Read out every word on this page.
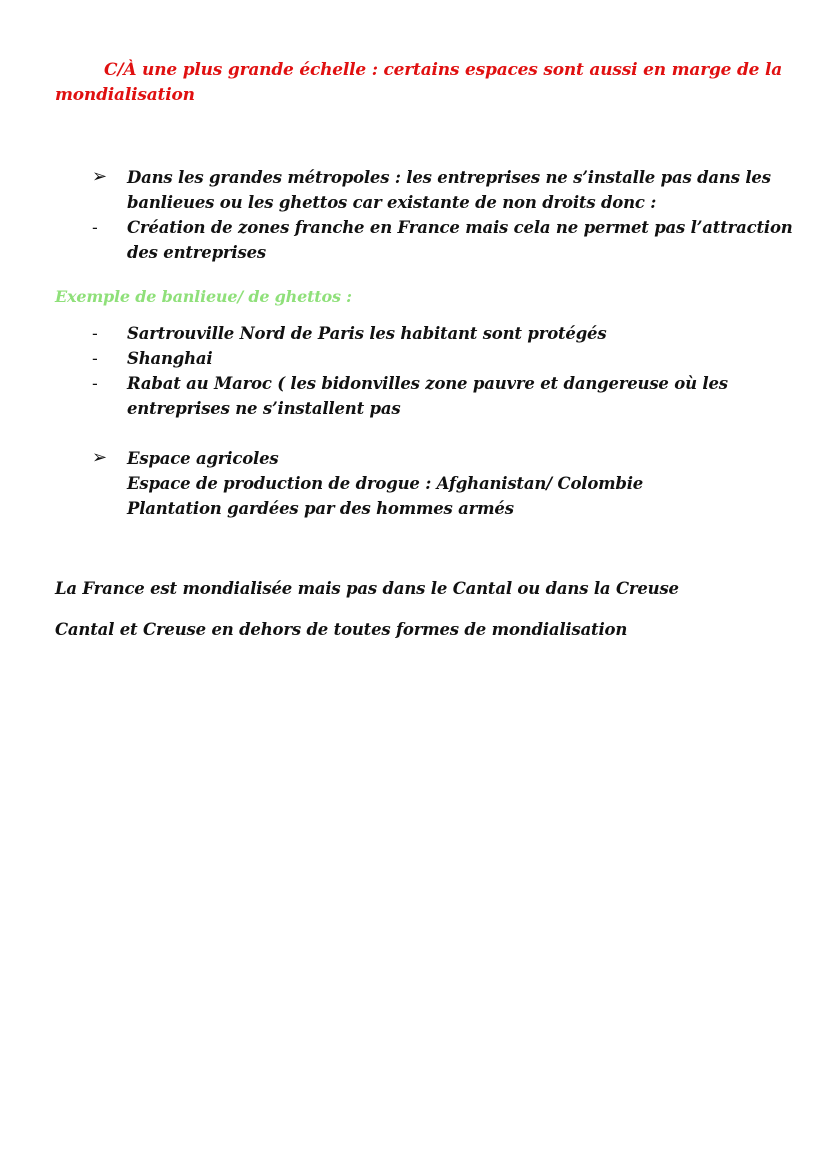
C/À une plus grande échelle : certains espaces sont aussi en marge de la
mondialisation
➢ Dans les grandes métropoles : les entreprises ne s’installe pas dans les
banlieues ou les ghettos car existante de non droits donc :
- Création de zones franche en France mais cela ne permet pas l’attraction
des entreprises
Exemple de banlieue/ de ghettos :
- Sartrouville Nord de Paris les habitant sont protégés
- Shanghai
- Rabat au Maroc ( les bidonvilles zone pauvre et dangereuse où les
entreprises ne s’installent pas
➢ Espace agricoles
Espace de production de drogue : Afghanistan/ Colombie
Plantation gardées par des hommes armés
La France est mondialisée mais pas dans le Cantal ou dans la Creuse
Cantal et Creuse en dehors de toutes formes de mondialisation
